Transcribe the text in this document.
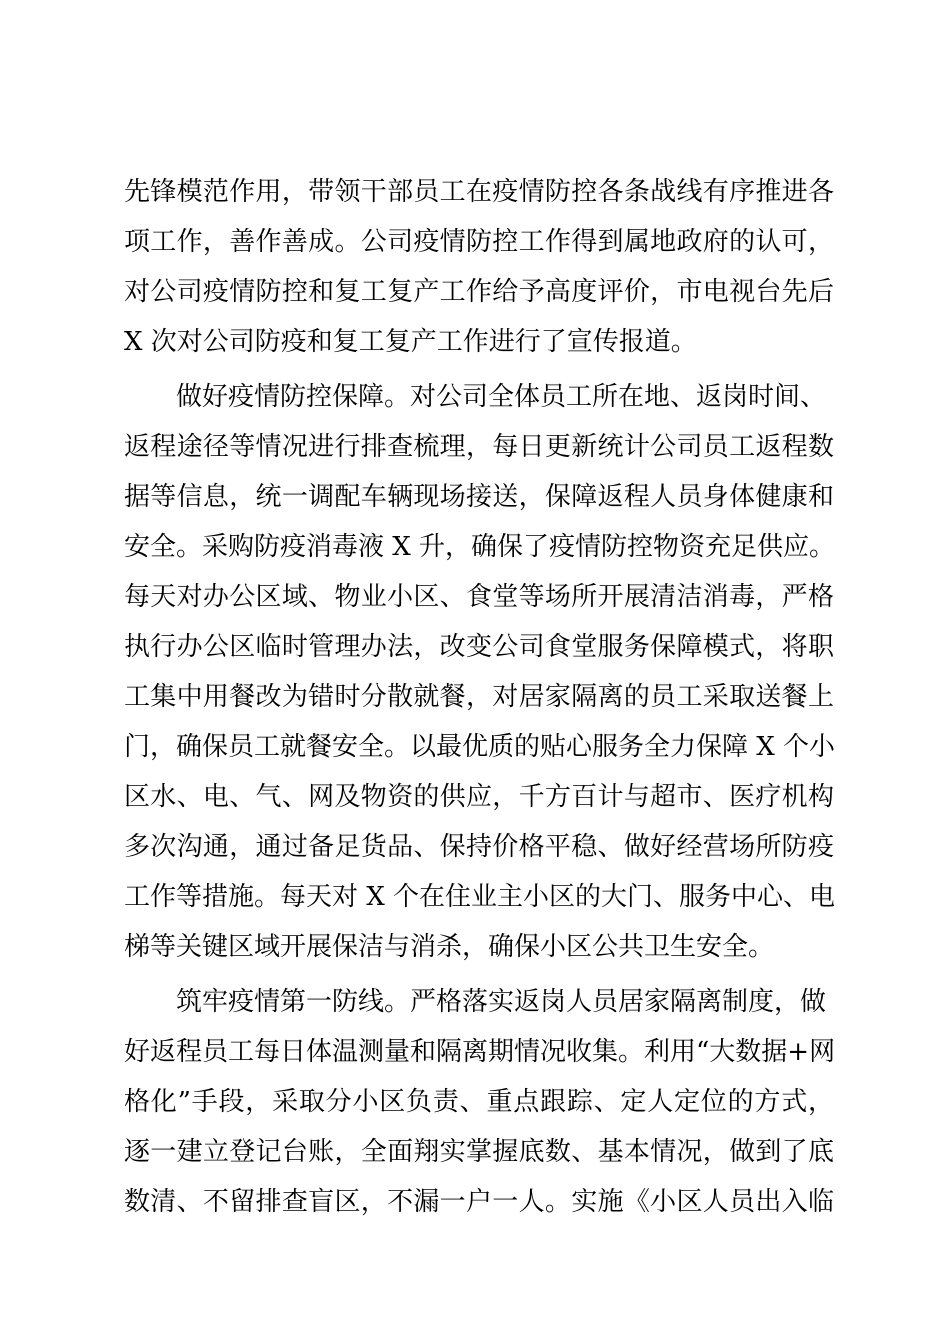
先锋模范作用，带领干部员工在疫情防控各条战线有序推进各
项工作，善作善成。公司疫情防控工作得到属地政府的认可，
对公司疫情防控和复工复产工作给予高度评价，市电视台先后
X 次对公司防疫和复工复产工作进行了宣传报道。
做好疫情防控保障。对公司全体员工所在地、返岗时间、
返程途径等情况进行排查梳理，每日更新统计公司员工返程数
据等信息，统一调配车辆现场接送，保障返程人员身体健康和
安全。采购防疫消毒液 X 升，确保了疫情防控物资充足供应。
每天对办公区域、物业小区、食堂等场所开展清洁消毒，严格
执行办公区临时管理办法，改变公司食堂服务保障模式，将职
工集中用餐改为错时分散就餐，对居家隔离的员工采取送餐上
门，确保员工就餐安全。以最优质的贴心服务全力保障 X 个小
区水、电、气、网及物资的供应，千方百计与超市、医疗机构
多次沟通，通过备足货品、保持价格平稳、做好经营场所防疫
工作等措施。每天对 X 个在住业主小区的大门、服务中心、电
梯等关键区域开展保洁与消杀，确保小区公共卫生安全。
筑牢疫情第一防线。严格落实返岗人员居家隔离制度，做
好返程员工每日体温测量和隔离期情况收集。利用“大数据+网
格化”手段，采取分小区负责、重点跟踪、定人定位的方式，
逐一建立登记台账，全面翔实掌握底数、基本情况，做到了底
数清、不留排查盲区，不漏一户一人。实施《小区人员出入临
